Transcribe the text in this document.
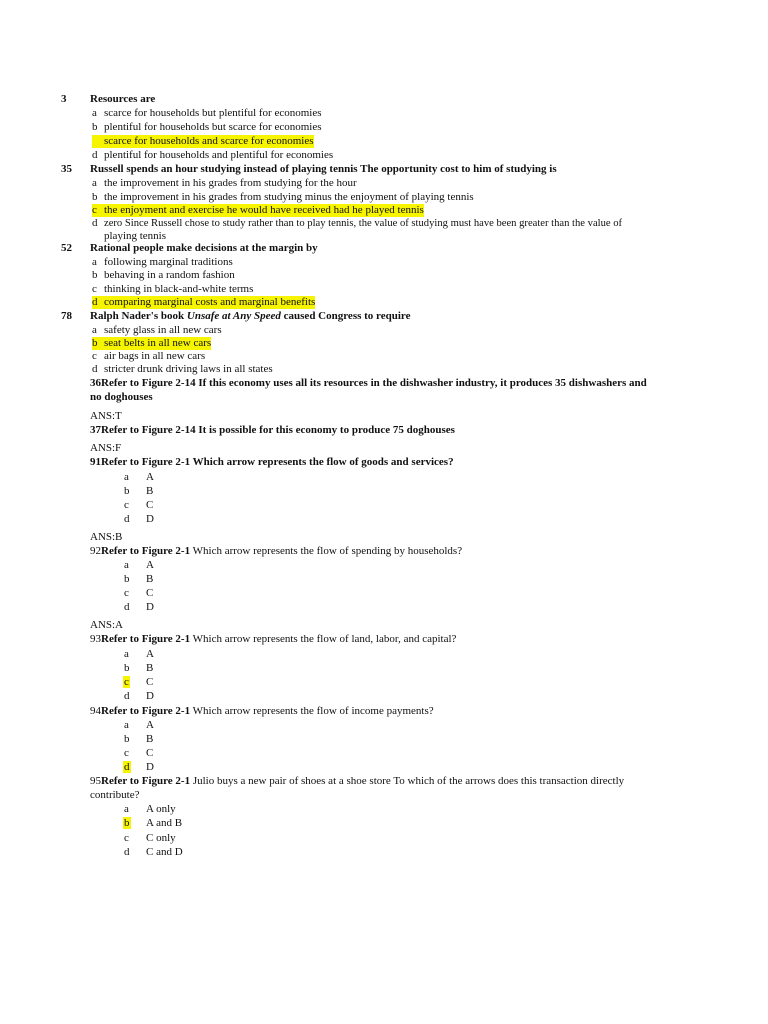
3 Resources are
a scarce for households but plentiful for economies
b plentiful for households but scarce for economies
scarce for households and scarce for economies
d plentiful for households and plentiful for economies
35 Russell spends an hour studying instead of playing tennis The opportunity cost to him of studying is
a the improvement in his grades from studying for the hour
b the improvement in his grades from studying minus the enjoyment of playing tennis
c the enjoyment and exercise he would have received had he played tennis
d zero Since Russell chose to study rather than to play tennis, the value of studying must have been greater than the value of
playing tennis
52 Rational people make decisions at the margin by
a following marginal traditions
b behaving in a random fashion
c thinking in black-and-white terms
d comparing marginal costs and marginal benefits
78 Ralph Nader's book Unsafe at Any Speed caused Congress to require
a safety glass in all new cars
b seat belts in all new cars
c air bags in all new cars
d stricter drunk driving laws in all states
36Refer to Figure 2-14 If this economy uses all its resources in the dishwasher industry, it produces 35 dishwashers and
no doghouses
ANS:T
37Refer to Figure 2-14 It is possible for this economy to produce 75 doghouses
ANS:F
91Refer to Figure 2-1 Which arrow represents the flow of goods and services?
a A
b B
c C
d D
ANS:B
92Refer to Figure 2-1 Which arrow represents the flow of spending by households?
a A
b B
c C
d D
ANS:A
93Refer to Figure 2-1 Which arrow represents the flow of land, labor, and capital?
a A
b B
c C
d D
94Refer to Figure 2-1 Which arrow represents the flow of income payments?
a A
b B
c C
d D
95Refer to Figure 2-1 Julio buys a new pair of shoes at a shoe store To which of the arrows does this transaction directly
contribute?
a A only
b A and B
c C only
d C and D
